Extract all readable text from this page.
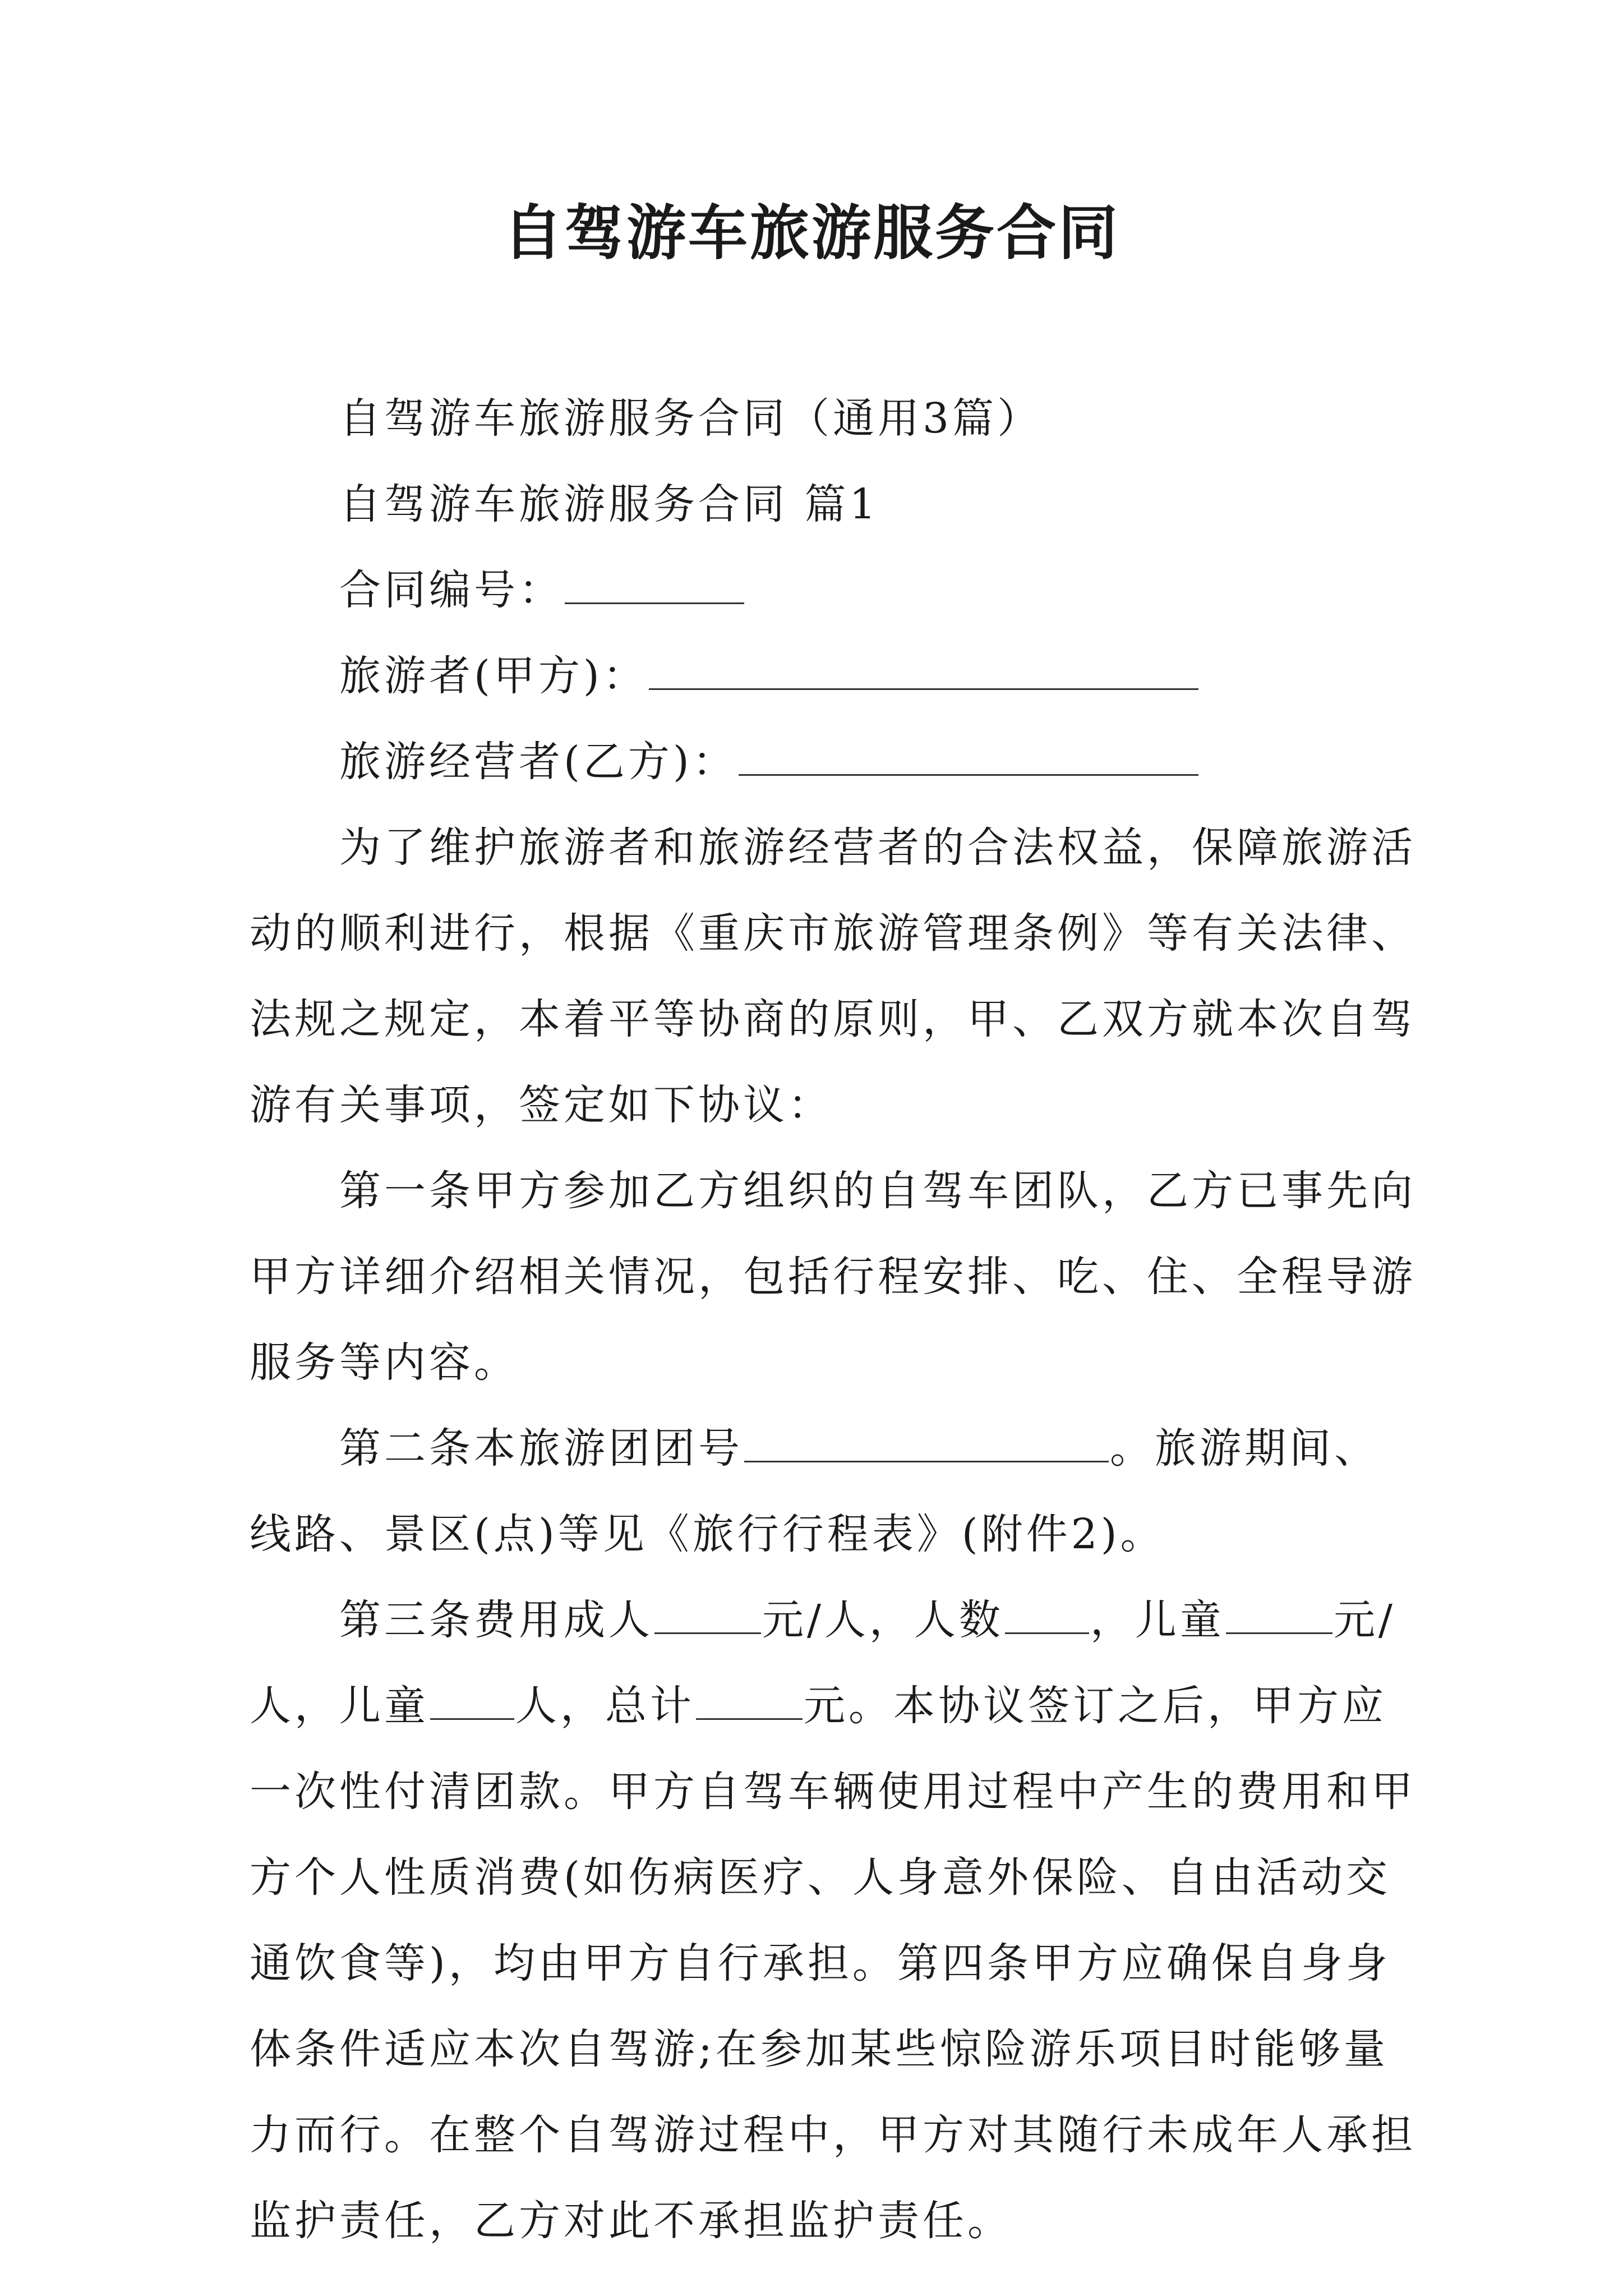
自驾游车旅游服务合同
自驾游车旅游服务合同（通用3篇）
自驾游车旅游服务合同 篇1
合同编号：
旅游者(甲方)：
旅游经营者(乙方)：
为了维护旅游者和旅游经营者的合法权益，保障旅游活
动的顺利进行，根据《重庆市旅游管理条例》等有关法律、
法规之规定，本着平等协商的原则，甲、乙双方就本次自驾
游有关事项，签定如下协议：
第一条甲方参加乙方组织的自驾车团队，乙方已事先向
甲方详细介绍相关情况，包括行程安排、吃、住、全程导游
服务等内容。
第二条本旅游团团号	。旅游期间、
线路、景区(点)等见《旅行行程表》(附件2)。
第三条费用成人	元/人，人数 ，儿童	元/
人，儿童 人，总计	元。本协议签订之后，甲方应
一次性付清团款。甲方自驾车辆使用过程中产生的费用和甲
方个人性质消费(如伤病医疗、人身意外保险、自由活动交
通饮食等)，均由甲方自行承担。第四条甲方应确保自身身
体条件适应本次自驾游;在参加某些惊险游乐项目时能够量
力而行。在整个自驾游过程中，甲方对其随行未成年人承担
监护责任，乙方对此不承担监护责任。
